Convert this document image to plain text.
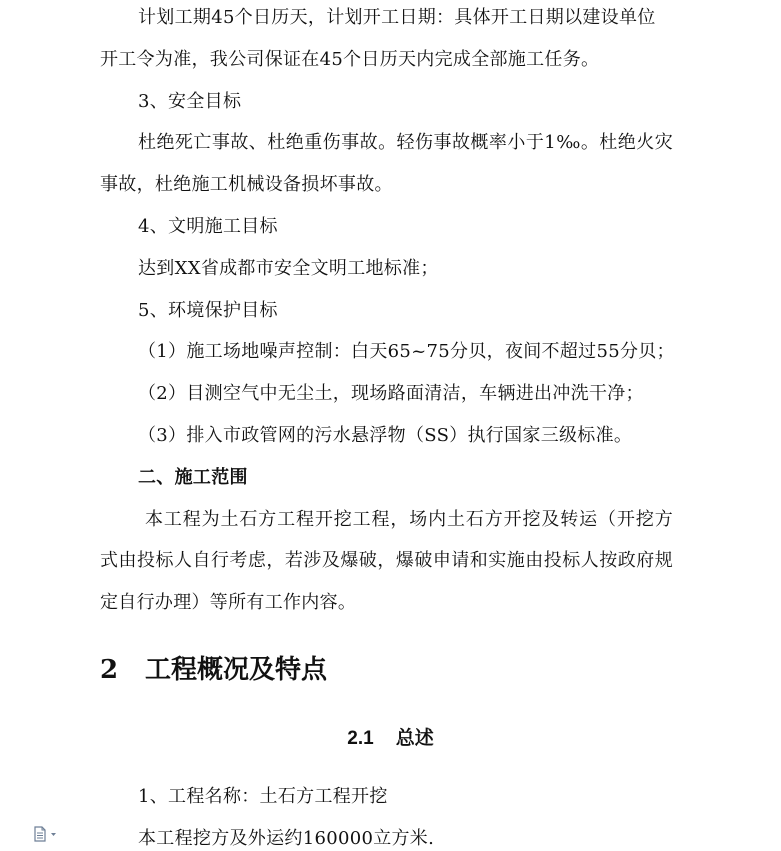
计划工期45个日历天，计划开工日期：具体开工日期以建设单位
开工令为准，我公司保证在45个日历天内完成全部施工任务。
3、安全目标
杜绝死亡事故、杜绝重伤事故。轻伤事故概率小于1‰。杜绝火灾
事故，杜绝施工机械设备损坏事故。
4、文明施工目标
达到XX省成都市安全文明工地标准；
5、环境保护目标
（1）施工场地噪声控制：白天65~75分贝，夜间不超过55分贝；
（2）目测空气中无尘土，现场路面清洁，车辆进出冲洗干净；
（3）排入市政管网的污水悬浮物（SS）执行国家三级标准。
二、施工范围
本工程为土石方工程开挖工程，场内土石方开挖及转运（开挖方
式由投标人自行考虑，若涉及爆破，爆破申请和实施由投标人按政府规
定自行办理）等所有工作内容。
2 工程概况及特点
2.1 总述
1、工程名称：土石方工程开挖
本工程挖方及外运约160000立方米.
